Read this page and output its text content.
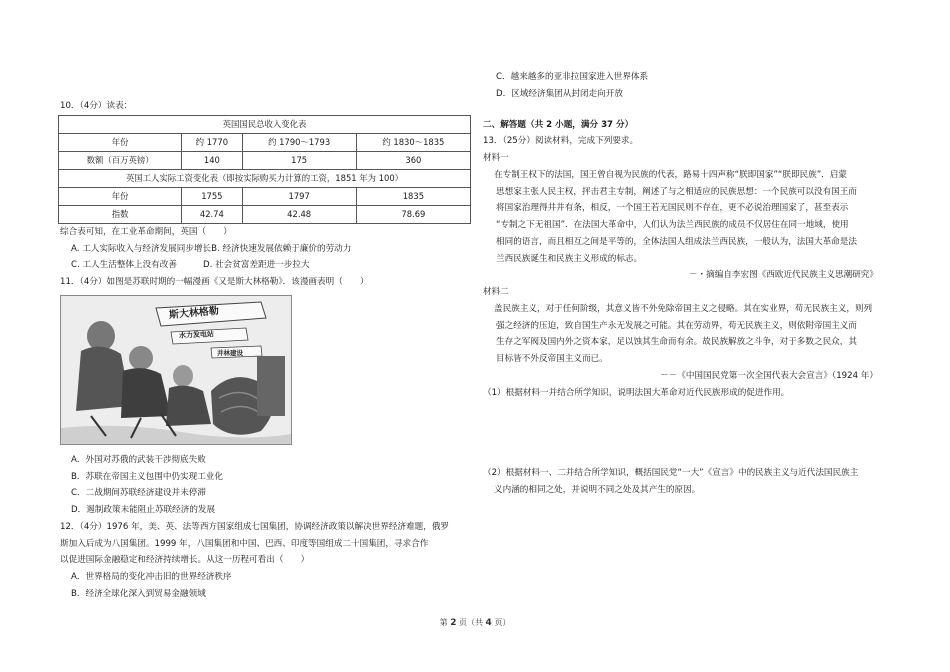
10．（4分）读表：

英国国民总收入变化表			
年份	约 1770	约 1790～1793	约 1830～1835
数额（百万英镑）	140	175	360
英国工人实际工资变化表（即按实际购买力计算的工资，1851 年为 100）			
年份	1755	1797	1835
指数	42.74	42.48	78.69

综合表可知，在工业革命期间，英国（　　）

A. 工人实际收入与经济发展同步增长B. 经济快速发展依赖于廉价的劳动力

C. 工人生活整体上没有改善	D. 社会贫富差距进一步拉大

11．（4分）如图是苏联时期的一幅漫画《又是斯大林格勒》．该漫画表明（　　）

斯大林格勒
水力发电站
并林建设

A．外国对苏俄的武装干涉彻底失败

B．苏联在帝国主义包围中仍实现工业化

C．二战期间苏联经济建设并未停滞

D．遏制政策未能阻止苏联经济的发展

12．（4分）1976 年，美、英、法等西方国家组成七国集团，协调经济政策以解决世界经济难题，俄罗

斯加入后成为八国集团。1999 年，八国集团和中国、巴西、印度等国组成二十国集团，寻求合作

以促进国际金融稳定和经济持续增长。从这一历程可看出（　　）

A．世界格局的变化冲击旧的世界经济秩序

B．经济全球化深入到贸易金融领域

C．越来越多的亚非拉国家进入世界体系

D．区域经济集团从封闭走向开放

二、解答题（共 2 小题，满分 37 分）

13．（25分）阅读材料，完成下列要求。

材料一

在专制王权下的法国，国王曾自视为民族的代表，路易十四声称“朕即国家”“朕即民族”．启蒙

思想家主张人民主权，抨击君主专制，阐述了与之相适应的民族思想：一个民族可以没有国王而

将国家治理得井井有条，相反，一个国王若无国民则不存在，更不必说治理国家了，甚至表示

“专制之下无祖国”．在法国大革命中，人们认为法兰西民族的成员不仅居住在同一地域，使用

相同的语言，而且相互之间是平等的，全体法国人组成法兰西民族，一般认为，法国大革命是法

兰西民族诞生和民族主义形成的标志。

－・摘编自李宏图《西欧近代民族主义思潮研究》

材料二

盖民族主义，对于任何阶级，其意义皆不外免除帝国主义之侵略。其在实业界，苟无民族主义，则列

强之经济的压迫，致自国生产永无发展之可能。其在劳动界，苟无民族主义，则依附帝国主义而

生存之军阀及国内外之资本家，足以蚀其生命而有余。故民族解放之斗争，对于多数之民众，其

目标皆不外反帝国主义而已。

－－《中国国民党第一次全国代表大会宣言》（1924 年）

（1）根据材料一并结合所学知识，说明法国大革命对近代民族形成的促进作用。

（2）根据材料一、二并结合所学知识，概括国民党“一大”《宣言》中的民族主义与近代法国民族主

义内涵的相同之处，并说明不同之处及其产生的原因。

第 2 页（共 4 页）
